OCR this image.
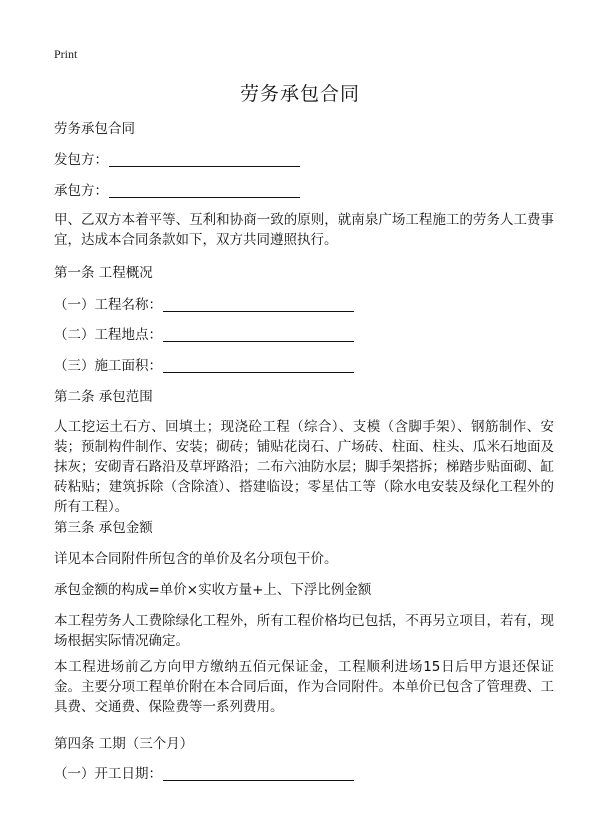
Print
劳务承包合同
劳务承包合同
发包方：
承包方：
甲、乙双方本着平等、互利和协商一致的原则，就南泉广场工程施工的劳务人工费事宜，达成本合同条款如下，双方共同遵照执行。
第一条 工程概况
（一）工程名称：
（二）工程地点：
（三）施工面积：
第二条 承包范围
人工挖运土石方、回填土；现浇砼工程（综合）、支模（含脚手架）、钢筋制作、安装；预制构件制作、安装；砌砖；铺贴花岗石、广场砖、柱面、柱头、瓜米石地面及抹灰；安砌青石路沿及草坪路沿；二布六油防水层；脚手架搭拆；梯踏步贴面砌、缸砖粘贴；建筑拆除（含除渣）、搭建临设；零星估工等（除水电安装及绿化工程外的所有工程）。
第三条 承包金额
详见本合同附件所包含的单价及名分项包干价。
承包金额的构成=单价×实收方量+上、下浮比例金额
本工程劳务人工费除绿化工程外，所有工程价格均已包括，不再另立项目，若有，现场根据实际情况确定。
本工程进场前乙方向甲方缴纳五佰元保证金，工程顺利进场15日后甲方退还保证金。主要分项工程单价附在本合同后面，作为合同附件。本单价已包含了管理费、工具费、交通费、保险费等一系列费用。
第四条 工期（三个月）
（一）开工日期：
